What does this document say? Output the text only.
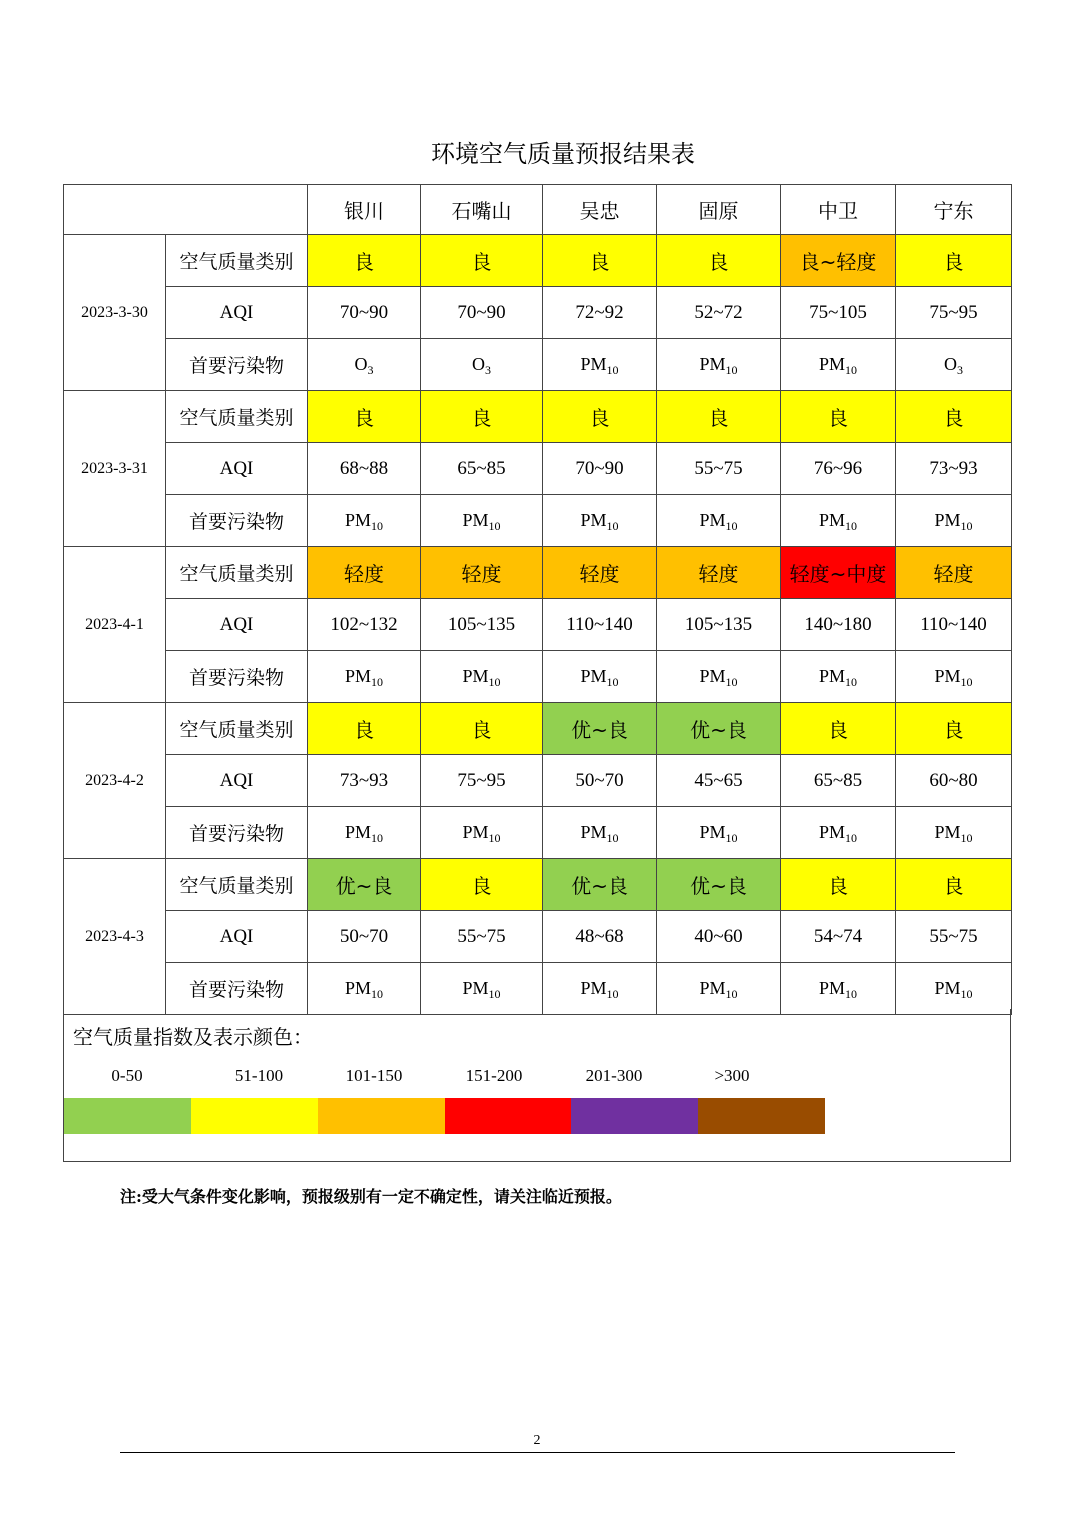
环境空气质量预报结果表
		银川	石嘴山	吴忠	固原	中卫	宁东
2023-3-30	空气质量类别	良	良	良	良	良~轻度	良
	AQI	70~90	70~90	72~92	52~72	75~105	75~95
	首要污染物	$O_3$	$O_3$	$PM_{10}$	$PM_{10}$	$PM_{10}$	$O_3$
2023-3-31	空气质量类别	良	良	良	良	良	良
	AQI	68~88	65~85	70~90	55~75	76~96	73~93
	首要污染物	$PM_{10}$	$PM_{10}$	$PM_{10}$	$PM_{10}$	$PM_{10}$	$PM_{10}$
2023-4-1	空气质量类别	轻度	轻度	轻度	轻度	轻度~中度	轻度
	AQI	102~132	105~135	110~140	105~135	140~180	110~140
	首要污染物	$PM_{10}$	$PM_{10}$	$PM_{10}$	$PM_{10}$	$PM_{10}$	$PM_{10}$
2023-4-2	空气质量类别	良	良	优~良	优~良	良	良
	AQI	73~93	75~95	50~70	45~65	65~85	60~80
	首要污染物	$PM_{10}$	$PM_{10}$	$PM_{10}$	$PM_{10}$	$PM_{10}$	$PM_{10}$
2023-4-3	空气质量类别	优~良	良	优~良	优~良	良	良
	AQI	50~70	55~75	48~68	40~60	54~74	55~75
	首要污染物	$PM_{10}$	$PM_{10}$	$PM_{10}$	$PM_{10}$	$PM_{10}$	$PM_{10}$
空气质量指数及表示颜色：
0-50	51-100	101-150	151-200	201-300	>300
注:受大气条件变化影响，预报级别有一定不确定性，请关注临近预报。
2
